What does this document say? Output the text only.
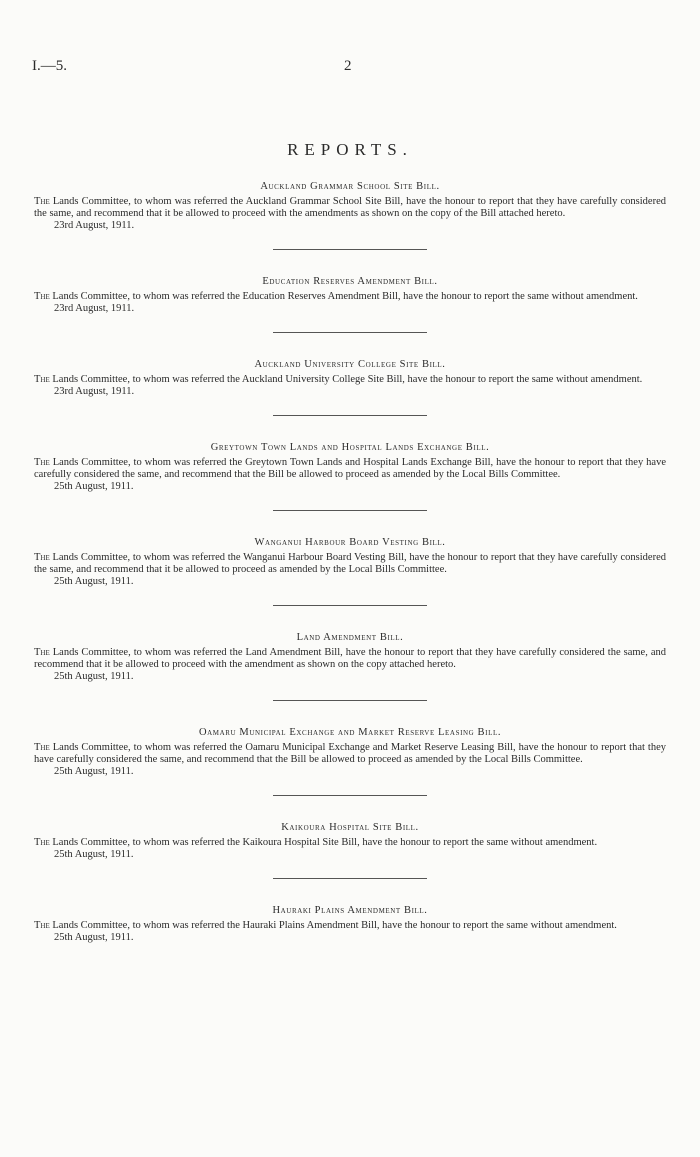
I.—5.	2
REPORTS.

Auckland Grammar School Site Bill.

The Lands Committee, to whom was referred the Auckland Grammar School Site Bill, have the honour to report that they have carefully considered the same, and recommend that it be allowed to proceed with the amendments as shown on the copy of the Bill attached hereto.

23rd August, 1911.

Education Reserves Amendment Bill.

The Lands Committee, to whom was referred the Education Reserves Amendment Bill, have the honour to report the same without amendment.

23rd August, 1911.

Auckland University College Site Bill.

The Lands Committee, to whom was referred the Auckland University College Site Bill, have the honour to report the same without amendment.

23rd August, 1911.

Greytown Town Lands and Hospital Lands Exchange Bill.

The Lands Committee, to whom was referred the Greytown Town Lands and Hospital Lands Exchange Bill, have the honour to report that they have carefully considered the same, and recommend that the Bill be allowed to proceed as amended by the Local Bills Committee.

25th August, 1911.

Wanganui Harbour Board Vesting Bill.

The Lands Committee, to whom was referred the Wanganui Harbour Board Vesting Bill, have the honour to report that they have carefully considered the same, and recommend that it be allowed to proceed as amended by the Local Bills Committee.

25th August, 1911.

Land Amendment Bill.

The Lands Committee, to whom was referred the Land Amendment Bill, have the honour to report that they have carefully considered the same, and recommend that it be allowed to proceed with the amendment as shown on the copy attached hereto.

25th August, 1911.

Oamaru Municipal Exchange and Market Reserve Leasing Bill.

The Lands Committee, to whom was referred the Oamaru Municipal Exchange and Market Reserve Leasing Bill, have the honour to report that they have carefully considered the same, and recommend that the Bill be allowed to proceed as amended by the Local Bills Committee.

25th August, 1911.

Kaikoura Hospital Site Bill.

The Lands Committee, to whom was referred the Kaikoura Hospital Site Bill, have the honour to report the same without amendment.

25th August, 1911.

Hauraki Plains Amendment Bill.

The Lands Committee, to whom was referred the Hauraki Plains Amendment Bill, have the honour to report the same without amendment.

25th August, 1911.
